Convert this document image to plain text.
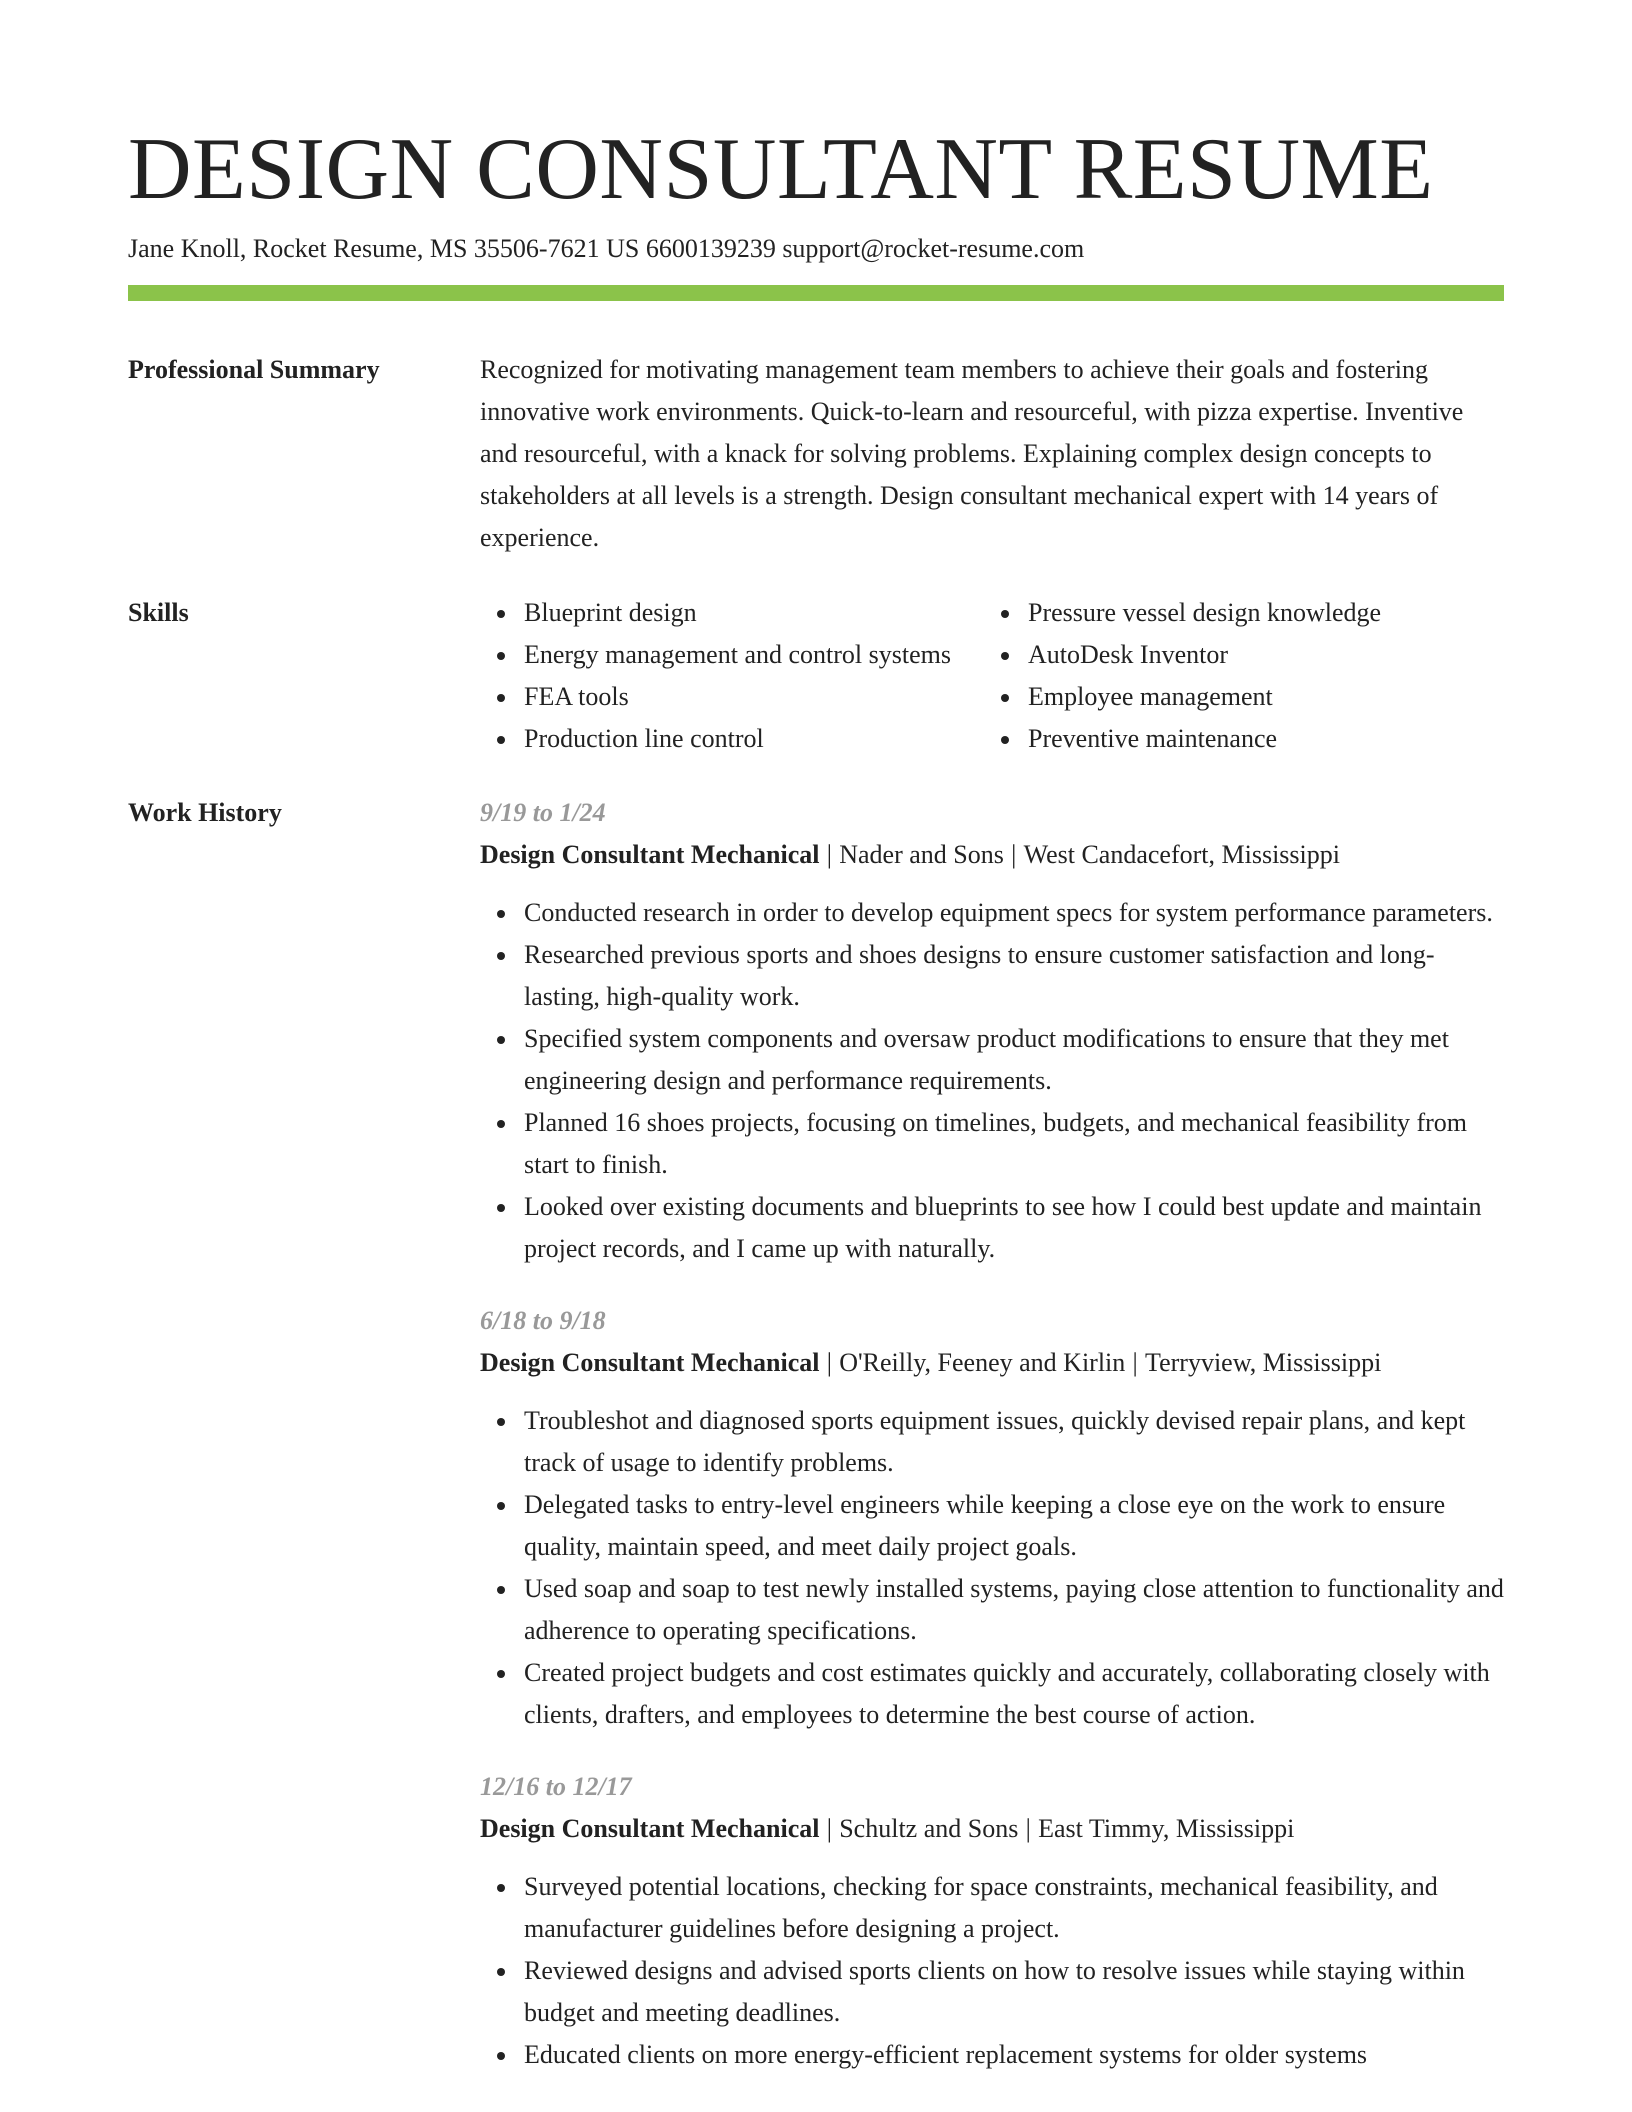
DESIGN CONSULTANT RESUME
Jane Knoll, Rocket Resume, MS 35506-7621 US 6600139239 support@rocket-resume.com
Professional Summary	Recognized for motivating management team members to achieve their goals and fostering innovative work environments. Quick-to-learn and resourceful, with pizza expertise. Inventive and resourceful, with a knack for solving problems. Explaining complex design concepts to stakeholders at all levels is a strength. Design consultant mechanical expert with 14 years of experience.

Skills	Blueprint design
Energy management and control systems
FEA tools
Production line control
Pressure vessel design knowledge
AutoDesk Inventor
Employee management
Preventive maintenance
Work History	9/19 to 1/24
Design Consultant Mechanical | Nader and Sons | West Candacefort, Mississippi
Conducted research in order to develop equipment specs for system performance parameters.
Researched previous sports and shoes designs to ensure customer satisfaction and long-lasting, high-quality work.
Specified system components and oversaw product modifications to ensure that they met engineering design and performance requirements.
Planned 16 shoes projects, focusing on timelines, budgets, and mechanical feasibility from start to finish.
Looked over existing documents and blueprints to see how I could best update and maintain project records, and I came up with naturally.
6/18 to 9/18
Design Consultant Mechanical | O'Reilly, Feeney and Kirlin | Terryview, Mississippi
Troubleshot and diagnosed sports equipment issues, quickly devised repair plans, and kept track of usage to identify problems.
Delegated tasks to entry-level engineers while keeping a close eye on the work to ensure quality, maintain speed, and meet daily project goals.
Used soap and soap to test newly installed systems, paying close attention to functionality and adherence to operating specifications.
Created project budgets and cost estimates quickly and accurately, collaborating closely with clients, drafters, and employees to determine the best course of action.
12/16 to 12/17
Design Consultant Mechanical | Schultz and Sons | East Timmy, Mississippi
Surveyed potential locations, checking for space constraints, mechanical feasibility, and manufacturer guidelines before designing a project.
Reviewed designs and advised sports clients on how to resolve issues while staying within budget and meeting deadlines.
Educated clients on more energy-efficient replacement systems for older systems
